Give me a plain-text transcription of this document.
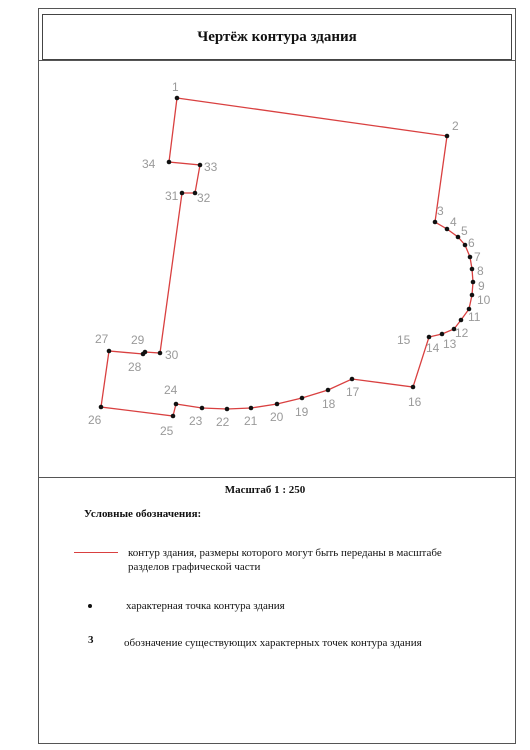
Чертёж контура здания
1
2
3
4
5
6
7
8
9
10
11
12
13
14
15
16
17
18
19
20
21
22
23
24
25
26
27
28
29
30
31 32
33
34
Масштаб 1 : 250
Условные обозначения:
контур здания, размеры которого могут быть переданы в масштабе разделов графической части
характерная точка контура здания
3	обозначение существующих характерных точек контура здания
